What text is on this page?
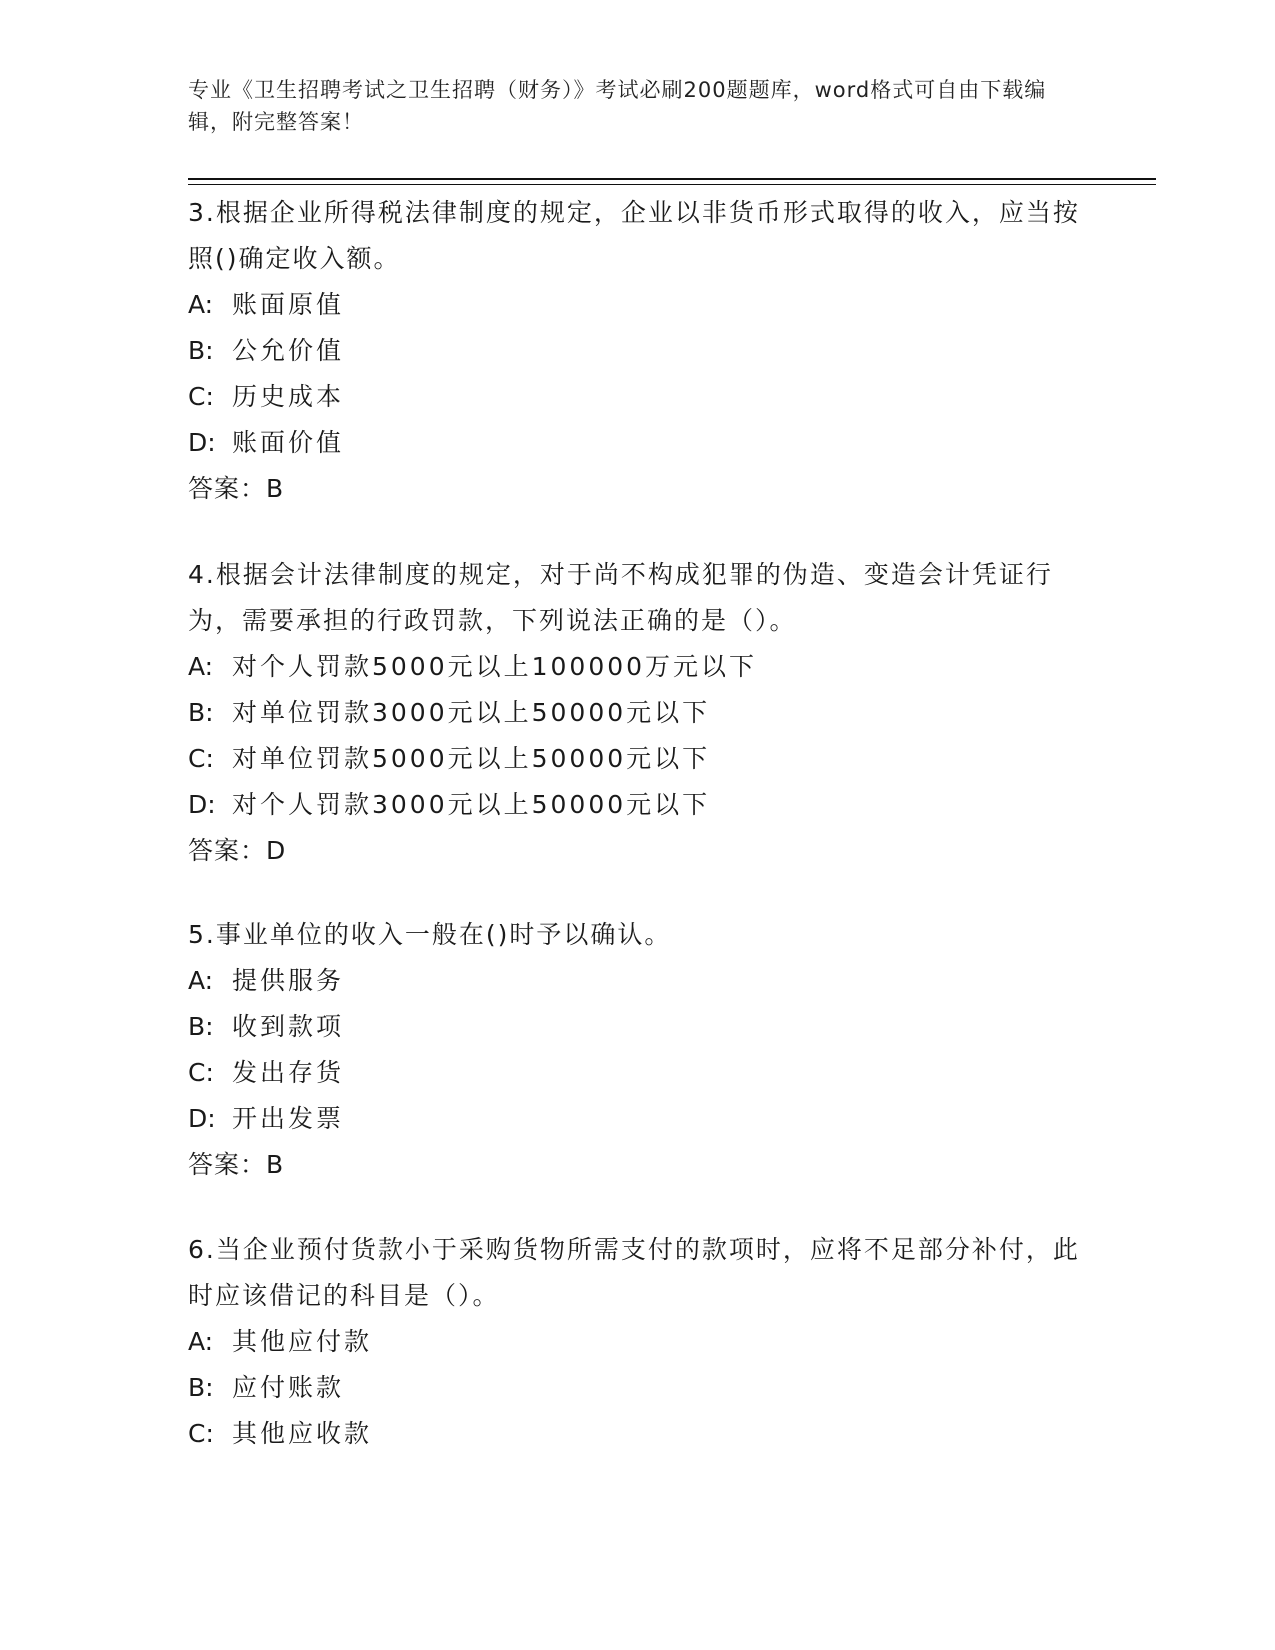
专业《卫生招聘考试之卫生招聘（财务）》考试必刷200题题库，word格式可自由下载编辑，附完整答案！

3.根据企业所得税法律制度的规定，企业以非货币形式取得的收入，应当按照()确定收入额。

A: 账面原值
B: 公允价值
C: 历史成本
D: 账面价值
答案：B

4.根据会计法律制度的规定，对于尚不构成犯罪的伪造、变造会计凭证行为，需要承担的行政罚款，下列说法正确的是（）。

A: 对个人罚款5000元以上100000万元以下
B: 对单位罚款3000元以上50000元以下
C: 对单位罚款5000元以上50000元以下
D: 对个人罚款3000元以上50000元以下
答案：D

5.事业单位的收入一般在()时予以确认。

A: 提供服务
B: 收到款项
C: 发出存货
D: 开出发票
答案：B

6.当企业预付货款小于采购货物所需支付的款项时，应将不足部分补付，此时应该借记的科目是（）。

A: 其他应付款
B: 应付账款
C: 其他应收款
